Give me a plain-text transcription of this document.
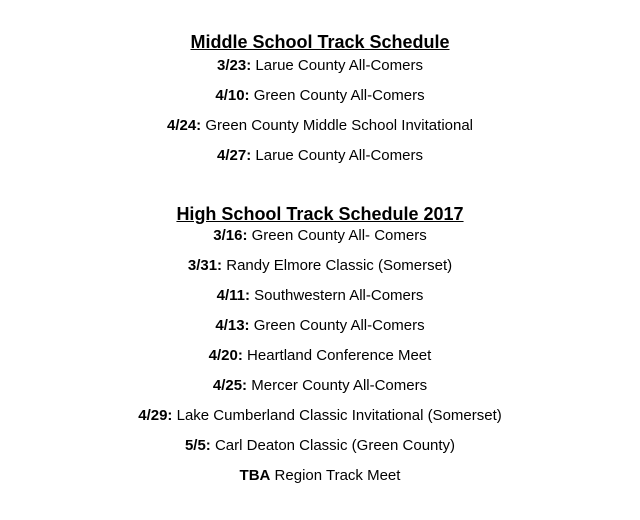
Middle School Track Schedule
3/23: Larue County All-Comers
4/10: Green County All-Comers
4/24: Green County Middle School Invitational
4/27: Larue County All-Comers
High School Track Schedule 2017
3/16: Green County All- Comers
3/31: Randy Elmore Classic (Somerset)
4/11: Southwestern All-Comers
4/13: Green County All-Comers
4/20: Heartland Conference Meet
4/25: Mercer County All-Comers
4/29: Lake Cumberland Classic Invitational (Somerset)
5/5: Carl Deaton Classic (Green County)
TBA Region Track Meet
